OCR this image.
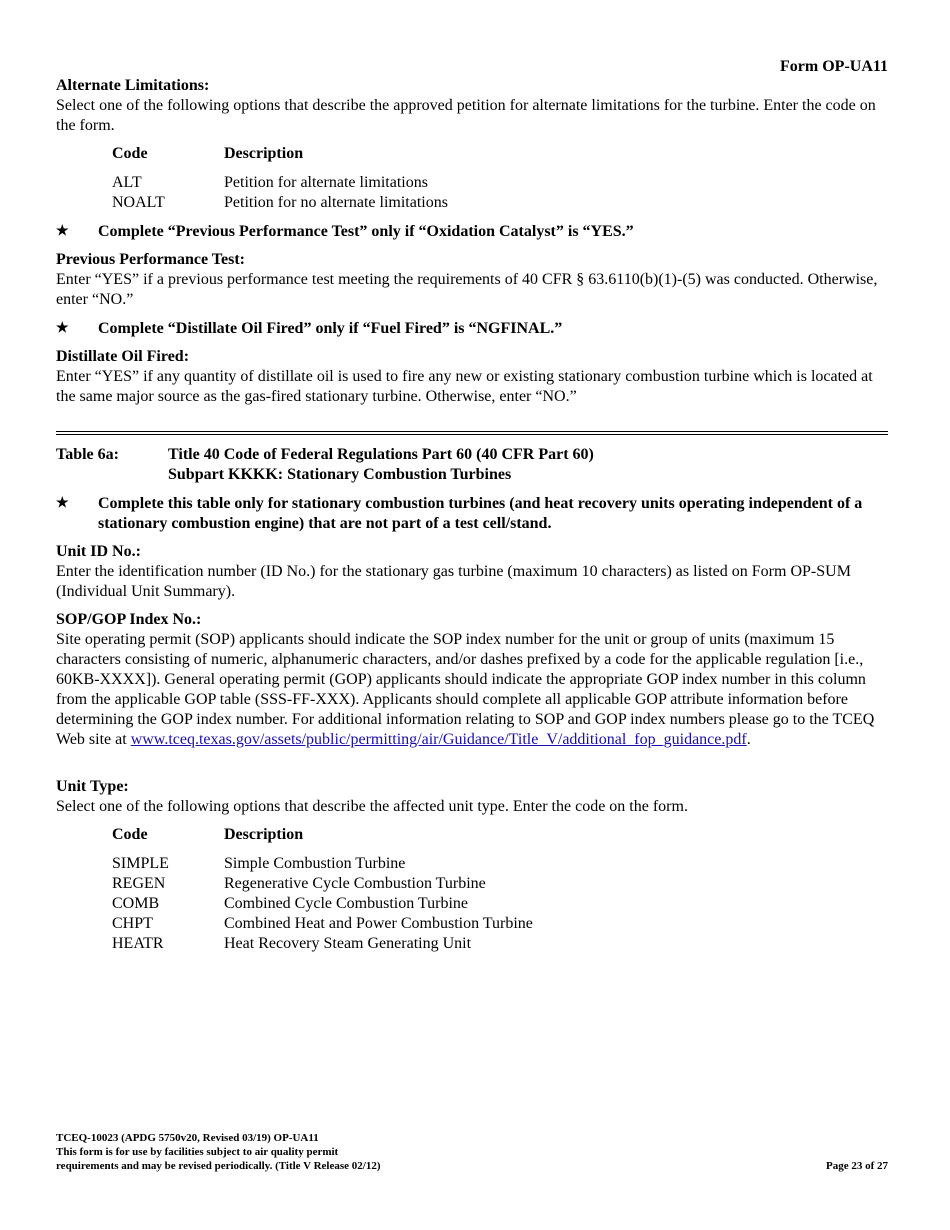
Form OP-UA11

Alternate Limitations:

Select one of the following options that describe the approved petition for alternate limitations for the turbine. Enter the code on the form.

Code	Description
ALT	Petition for alternate limitations
NOALT	Petition for no alternate limitations
★	Complete “Previous Performance Test” only if “Oxidation Catalyst” is “YES.”

Previous Performance Test:

Enter “YES” if a previous performance test meeting the requirements of 40 CFR § 63.6110(b)(1)-(5) was conducted. Otherwise, enter “NO.”

★	Complete “Distillate Oil Fired” only if “Fuel Fired” is “NGFINAL.”

Distillate Oil Fired:

Enter “YES” if any quantity of distillate oil is used to fire any new or existing stationary combustion turbine which is located at the same major source as the gas-fired stationary turbine. Otherwise, enter “NO.”

Table 6a:	Title 40 Code of Federal Regulations Part 60 (40 CFR Part 60)
Subpart KKKK: Stationary Combustion Turbines
★	Complete this table only for stationary combustion turbines (and heat recovery units operating independent of a stationary combustion engine) that are not part of a test cell/stand.

Unit ID No.:

Enter the identification number (ID No.) for the stationary gas turbine (maximum 10 characters) as listed on Form OP-SUM (Individual Unit Summary).

SOP/GOP Index No.:

Site operating permit (SOP) applicants should indicate the SOP index number for the unit or group of units (maximum 15 characters consisting of numeric, alphanumeric characters, and/or dashes prefixed by a code for the applicable regulation [i.e., 60KB-XXXX]). General operating permit (GOP) applicants should indicate the appropriate GOP index number in this column from the applicable GOP table (SSS-FF-XXX). Applicants should complete all applicable GOP attribute information before determining the GOP index number. For additional information relating to SOP and GOP index numbers please go to the TCEQ Web site at www.tceq.texas.gov/assets/public/permitting/air/Guidance/Title_V/additional_fop_guidance.pdf.

Unit Type:

Select one of the following options that describe the affected unit type. Enter the code on the form.

Code	Description
SIMPLE	Simple Combustion Turbine
REGEN	Regenerative Cycle Combustion Turbine
COMB	Combined Cycle Combustion Turbine
CHPT	Combined Heat and Power Combustion Turbine
HEATR	Heat Recovery Steam Generating Unit
TCEQ-10023 (APDG 5750v20, Revised 03/19) OP-UA11
This form is for use by facilities subject to air quality permit
requirements and may be revised periodically. (Title V Release 02/12)	Page 23 of 27
